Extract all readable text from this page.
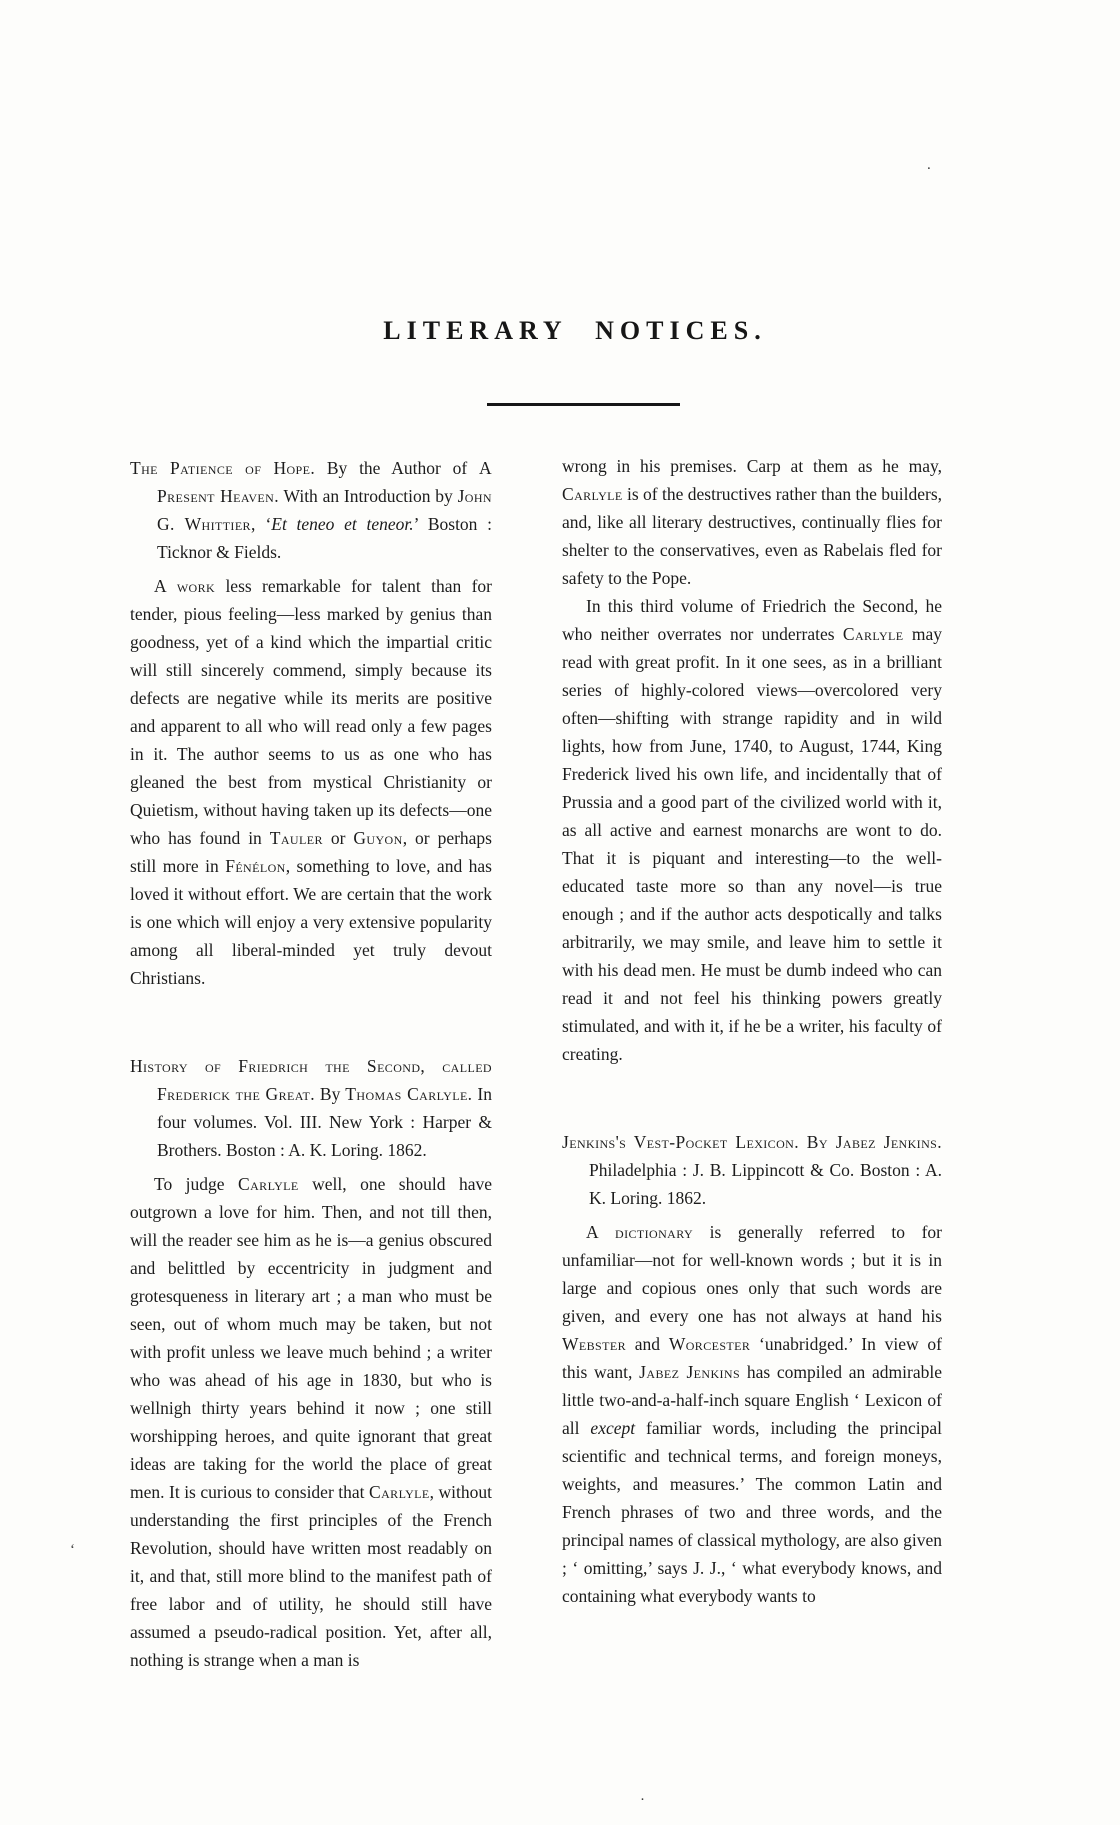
LITERARY NOTICES.

The Patience of Hope. By the Author of A Present Heaven. With an Introduction by John G. Whittier, ‘Et teneo et teneor.’ Boston : Ticknor & Fields.

A work less remarkable for talent than for tender, pious feeling—less marked by genius than goodness, yet of a kind which the impartial critic will still sincerely commend, simply because its defects are negative while its merits are positive and apparent to all who will read only a few pages in it. The author seems to us as one who has gleaned the best from mystical Christianity or Quietism, without having taken up its defects—one who has found in Tauler or Guyon, or perhaps still more in Fénélon, something to love, and has loved it without effort. We are certain that the work is one which will enjoy a very extensive popularity among all liberal-minded yet truly devout Christians.

History of Friedrich the Second, called Frederick the Great. By Thomas Carlyle. In four volumes. Vol. III. New York : Harper & Brothers. Boston : A. K. Loring. 1862.

To judge Carlyle well, one should have outgrown a love for him. Then, and not till then, will the reader see him as he is—a genius obscured and belittled by eccentricity in judgment and grotesqueness in literary art ; a man who must be seen, out of whom much may be taken, but not with profit unless we leave much behind ; a writer who was ahead of his age in 1830, but who is wellnigh thirty years behind it now ; one still worshipping heroes, and quite ignorant that great ideas are taking for the world the place of great men. It is curious to consider that Carlyle, without understanding the first principles of the French Revolution, should have written most readably on it, and that, still more blind to the manifest path of free labor and of utility, he should still have assumed a pseudo-radical position. Yet, after all, nothing is strange when a man is

wrong in his premises. Carp at them as he may, Carlyle is of the destructives rather than the builders, and, like all literary destructives, continually flies for shelter to the conservatives, even as Rabelais fled for safety to the Pope.

In this third volume of Friedrich the Second, he who neither overrates nor underrates Carlyle may read with great profit. In it one sees, as in a brilliant series of highly-colored views—overcolored very often—shifting with strange rapidity and in wild lights, how from June, 1740, to August, 1744, King Frederick lived his own life, and incidentally that of Prussia and a good part of the civilized world with it, as all active and earnest monarchs are wont to do. That it is piquant and interesting—to the well-educated taste more so than any novel—is true enough ; and if the author acts despotically and talks arbitrarily, we may smile, and leave him to settle it with his dead men. He must be dumb indeed who can read it and not feel his thinking powers greatly stimulated, and with it, if he be a writer, his faculty of creating.

Jenkins's Vest-Pocket Lexicon. By Jabez Jenkins. Philadelphia : J. B. Lippincott & Co. Boston : A. K. Loring. 1862.

A dictionary is generally referred to for unfamiliar—not for well-known words ; but it is in large and copious ones only that such words are given, and every one has not always at hand his Webster and Worcester ‘unabridged.’ In view of this want, Jabez Jenkins has compiled an admirable little two-and-a-half-inch square English ‘ Lexicon of all except familiar words, including the principal scientific and technical terms, and foreign moneys, weights, and measures.’ The common Latin and French phrases of two and three words, and the principal names of classical mythology, are also given ; ‘ omitting,’ says J. J., ‘ what everybody knows, and containing what everybody wants to

‘
.
·
